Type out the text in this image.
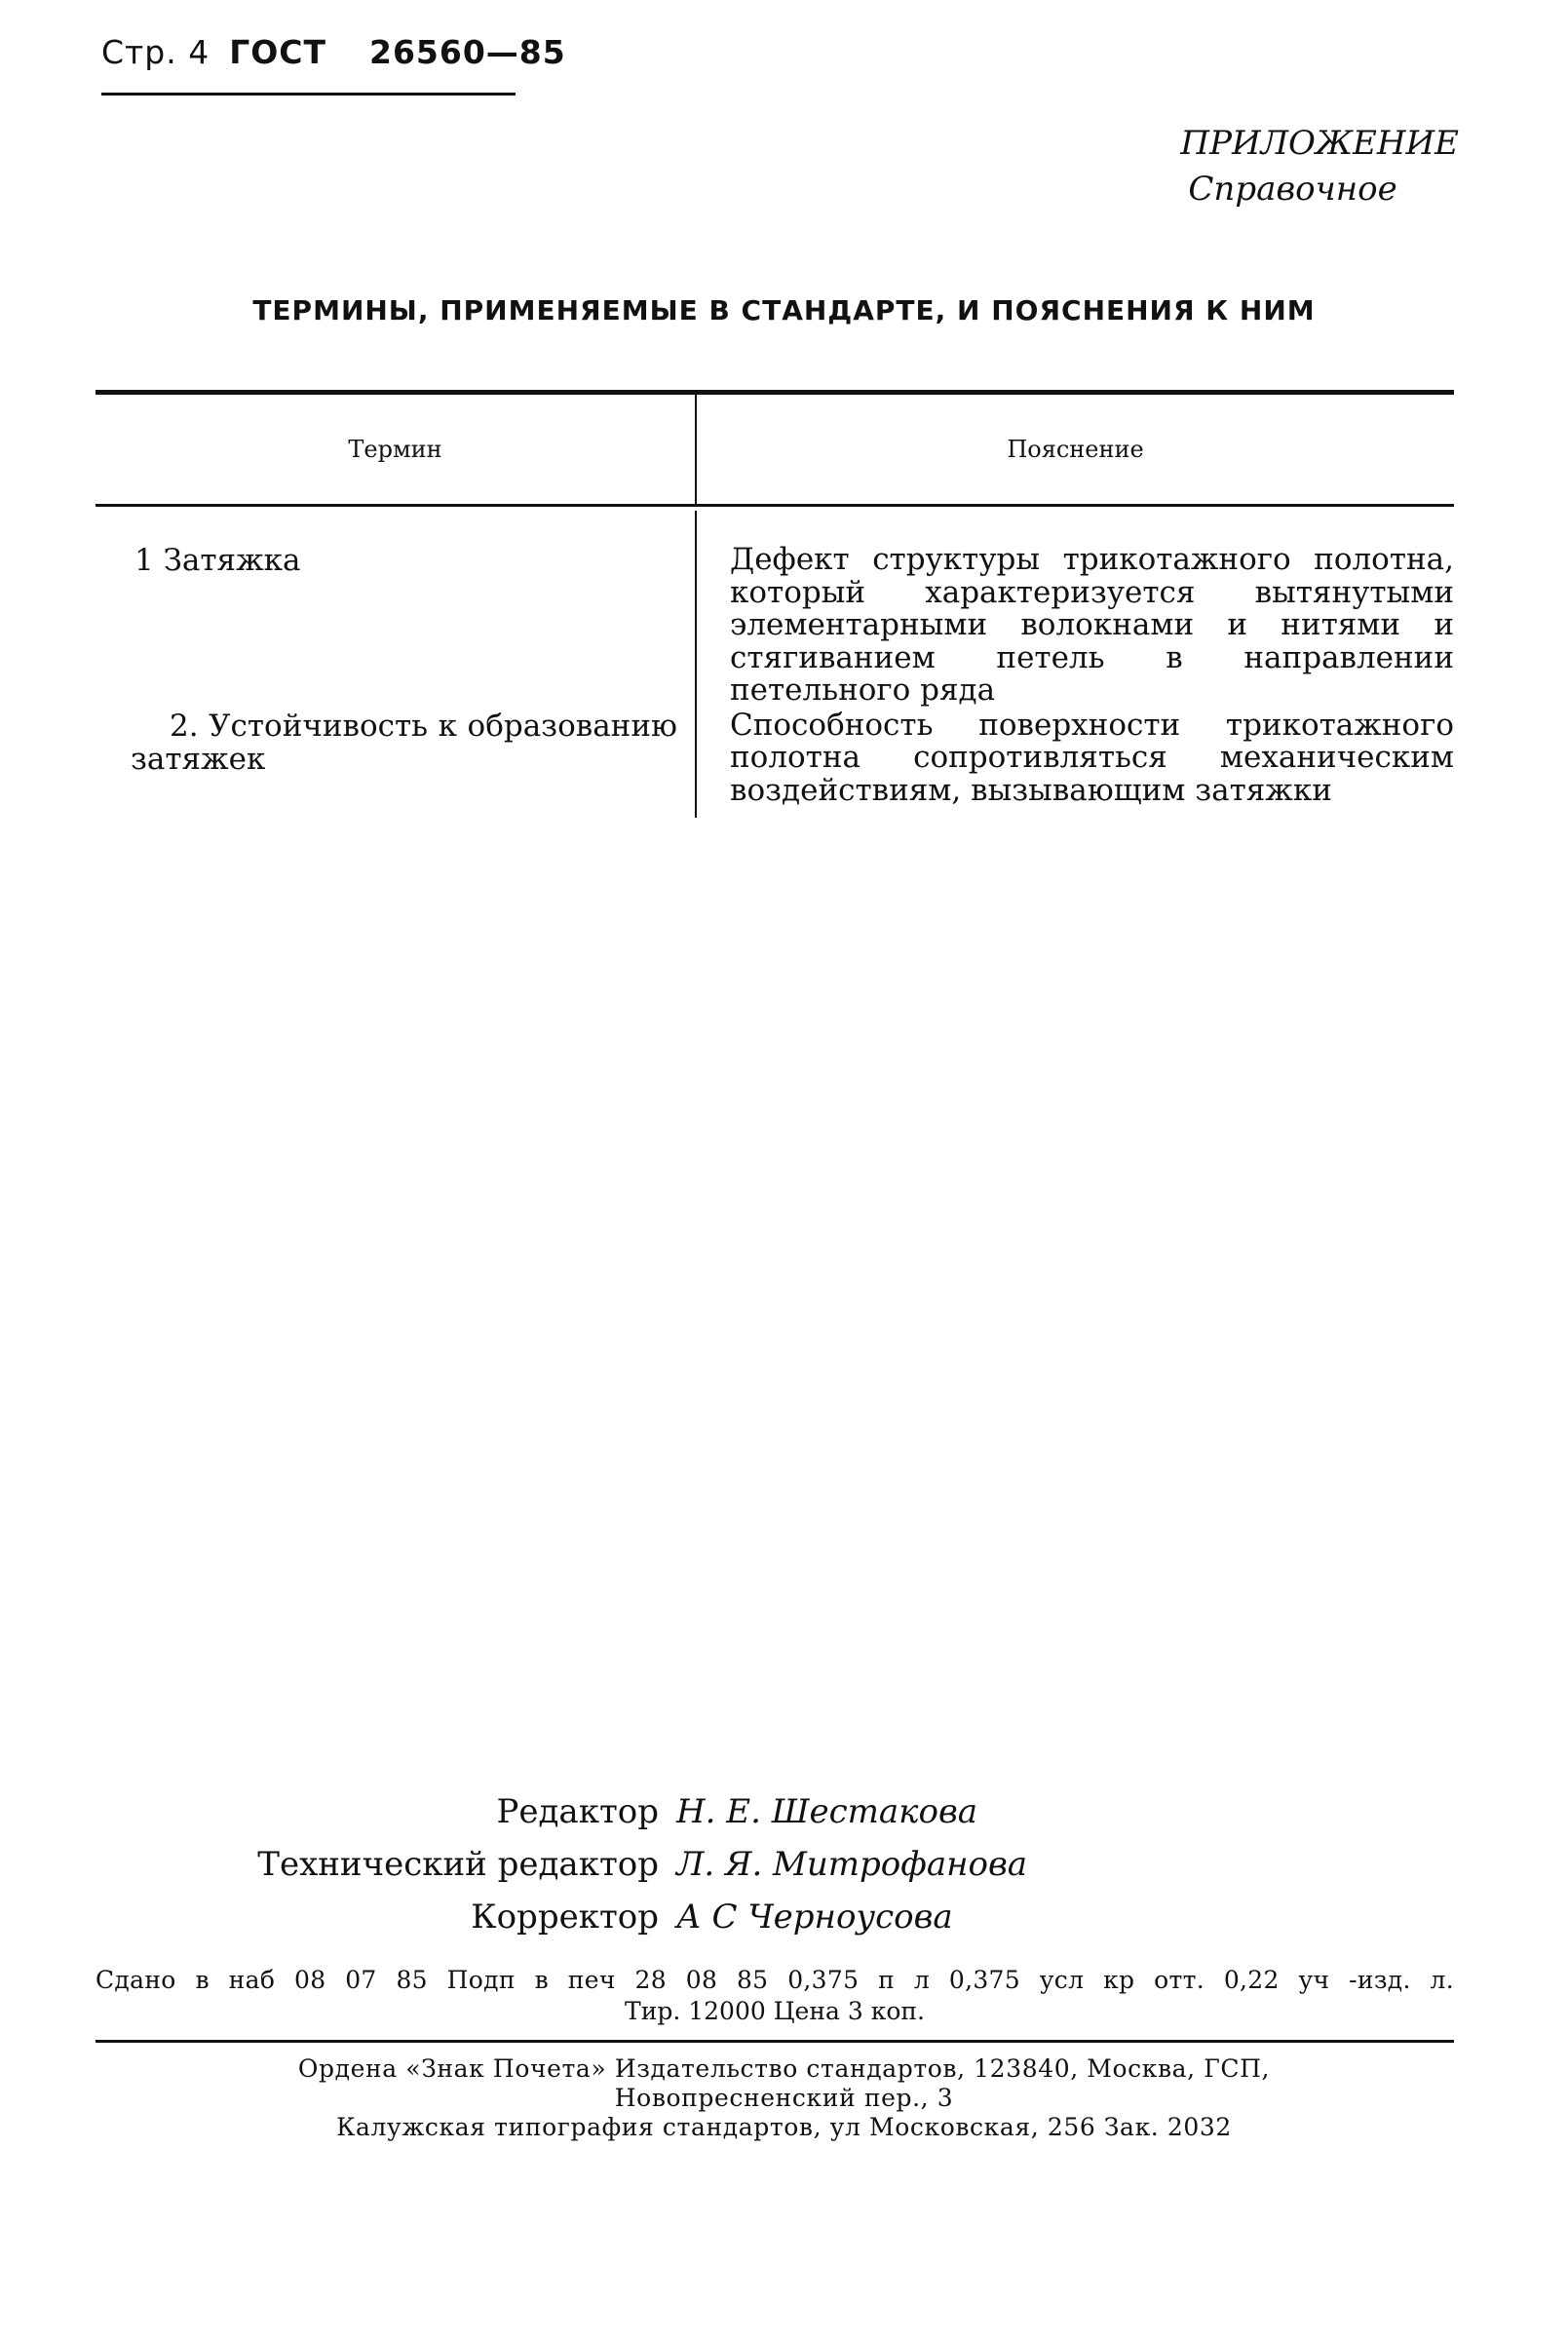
Стр. 4 ГОСТ 26560—85
ПРИЛОЖЕНИЕ
Справочное
ТЕРМИНЫ, ПРИМЕНЯЕМЫЕ В СТАНДАРТЕ, И ПОЯСНЕНИЯ К НИМ
Термин	Пояснение
1 Затяжка	Дефект структуры трикотажного полотна, который характеризуется вытянутыми элементарными волокнами и нитями и стягиванием петель в направлении петельного ряда
2. Устойчивость к образованию затяжек
Способность поверхности трикотажного полотна сопротивляться механическим воздействиям, вызывающим затяжки
Редактор Н. Е. Шестакова
Технический редактор Л. Я. Митрофанова
Корректор А С Черноусова
Сдано в наб 08 07 85 Подп в печ 28 08 85 0,375 п л 0,375 усл кр отт. 0,22 уч -изд. л.
Тир. 12000 Цена 3 коп.
Ордена «Знак Почета» Издательство стандартов, 123840, Москва, ГСП,
Новопресненский пер., 3
Калужская типография стандартов, ул Московская, 256 Зак. 2032
